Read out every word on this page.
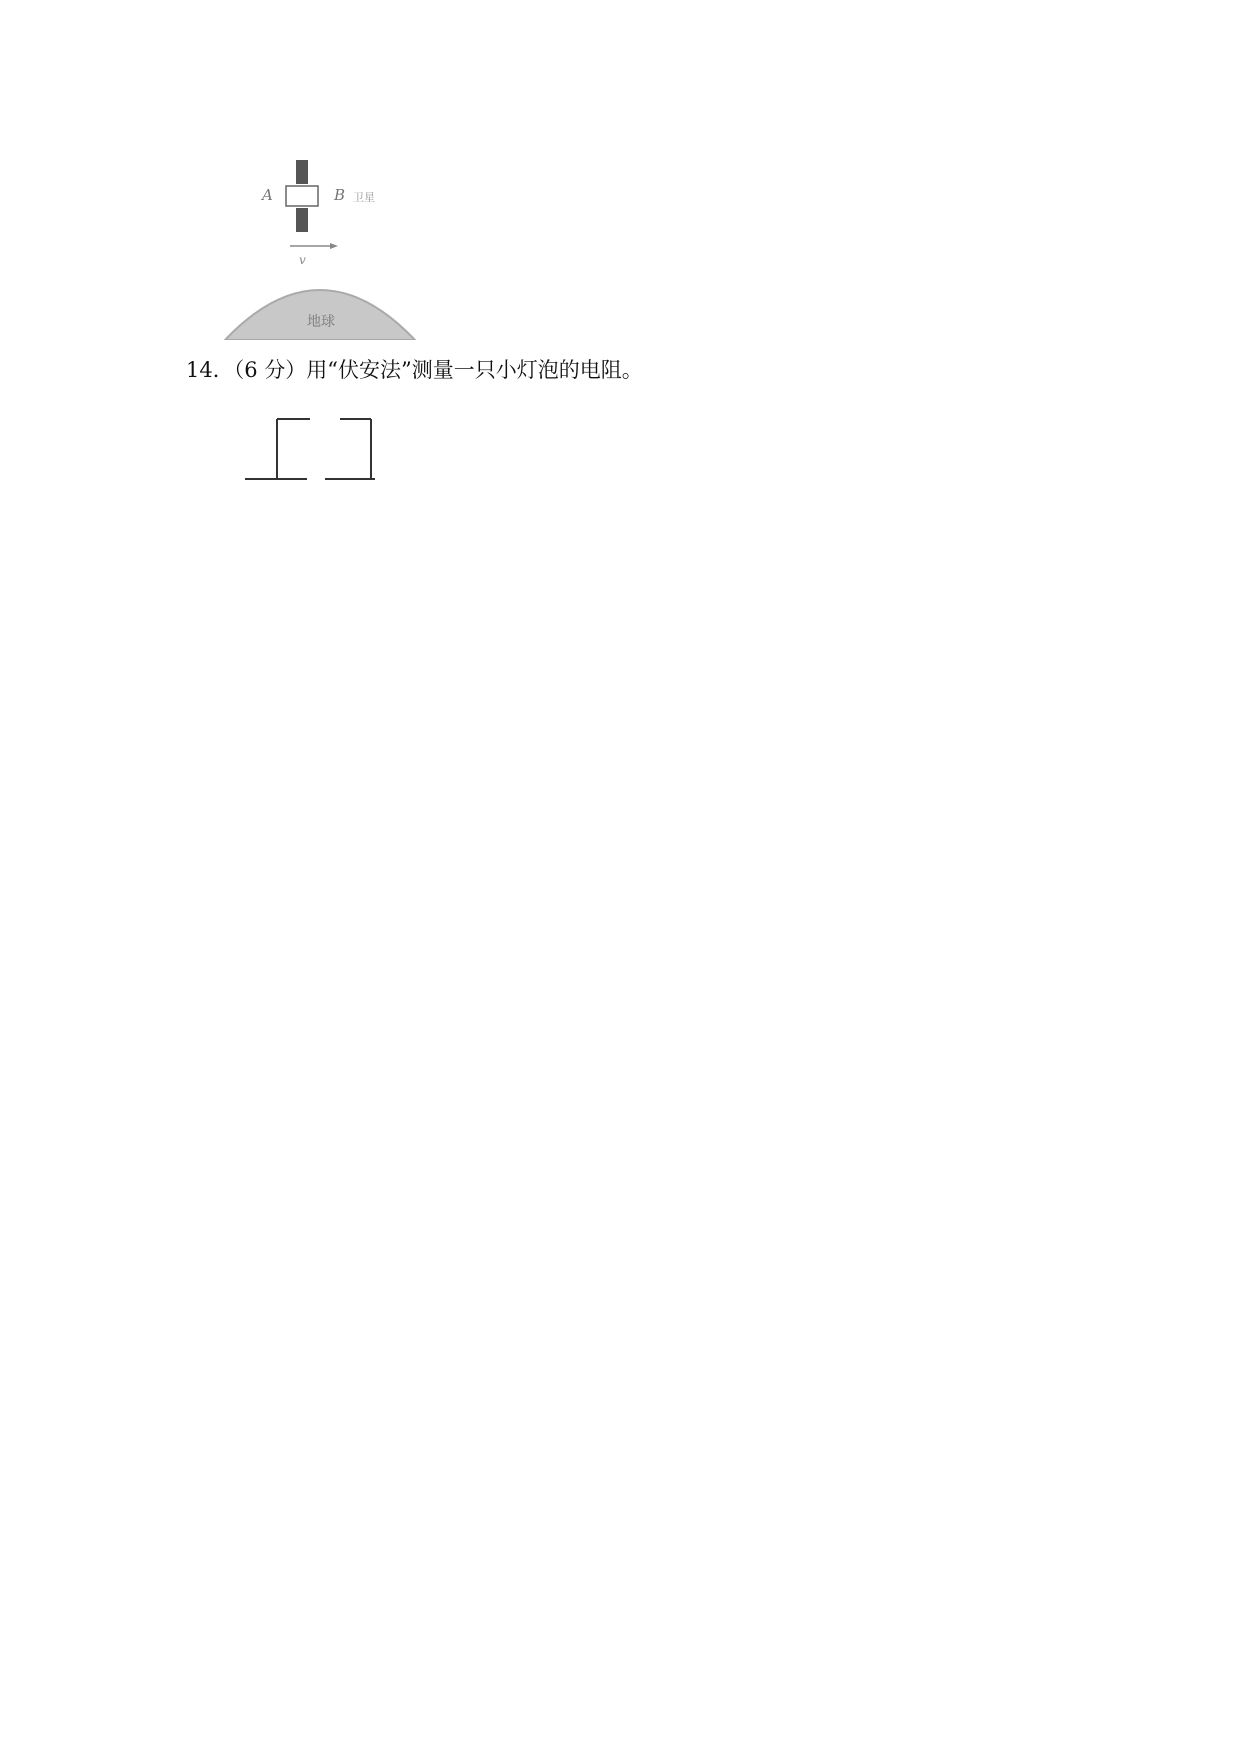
A	B 卫星
v
地球
14．（6 分）用“伏安法”测量一只小灯泡的电阻。
